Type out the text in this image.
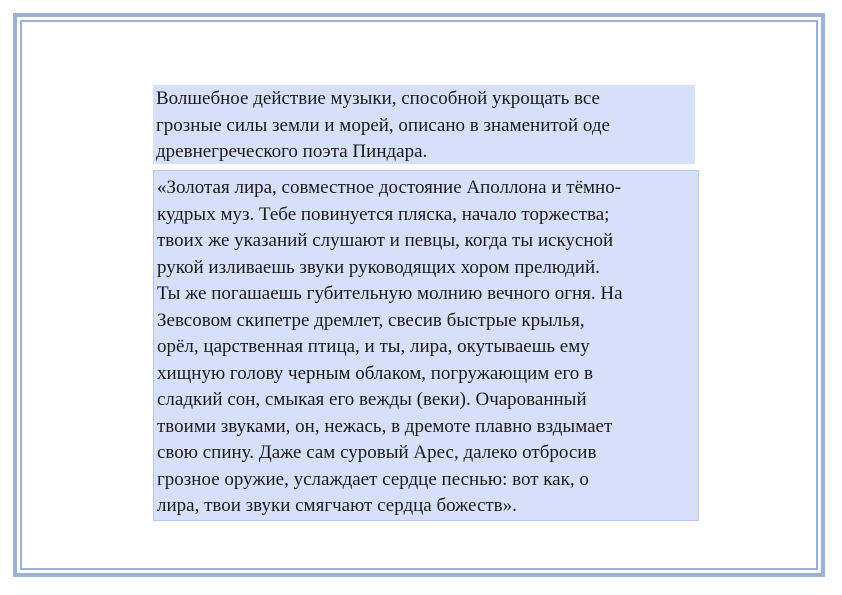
Волшебное действие музыки, способной укрощать все
грозные силы земли и морей, описано в знаменитой оде
древнегреческого поэта Пиндара.
«Золотая лира, совместное достояние Аполлона и тёмно-
кудрых муз. Тебе повинуется пляска, начало торжества;
твоих же указаний слушают и певцы, когда ты искусной
рукой изливаешь звуки руководящих хором прелюдий.
Ты же погашаешь губительную молнию вечного огня. На
Зевсовом скипетре дремлет, свесив быстрые крылья,
орёл, царственная птица, и ты, лира, окутываешь ему
хищную голову черным облаком, погружающим его в
сладкий сон, смыкая его вежды (веки). Очарованный
твоими звуками, он, нежась, в дремоте плавно вздымает
свою спину. Даже сам суровый Арес, далеко отбросив
грозное оружие, услаждает сердце песнью: вот как, о
лира, твои звуки смягчают сердца божеств».
